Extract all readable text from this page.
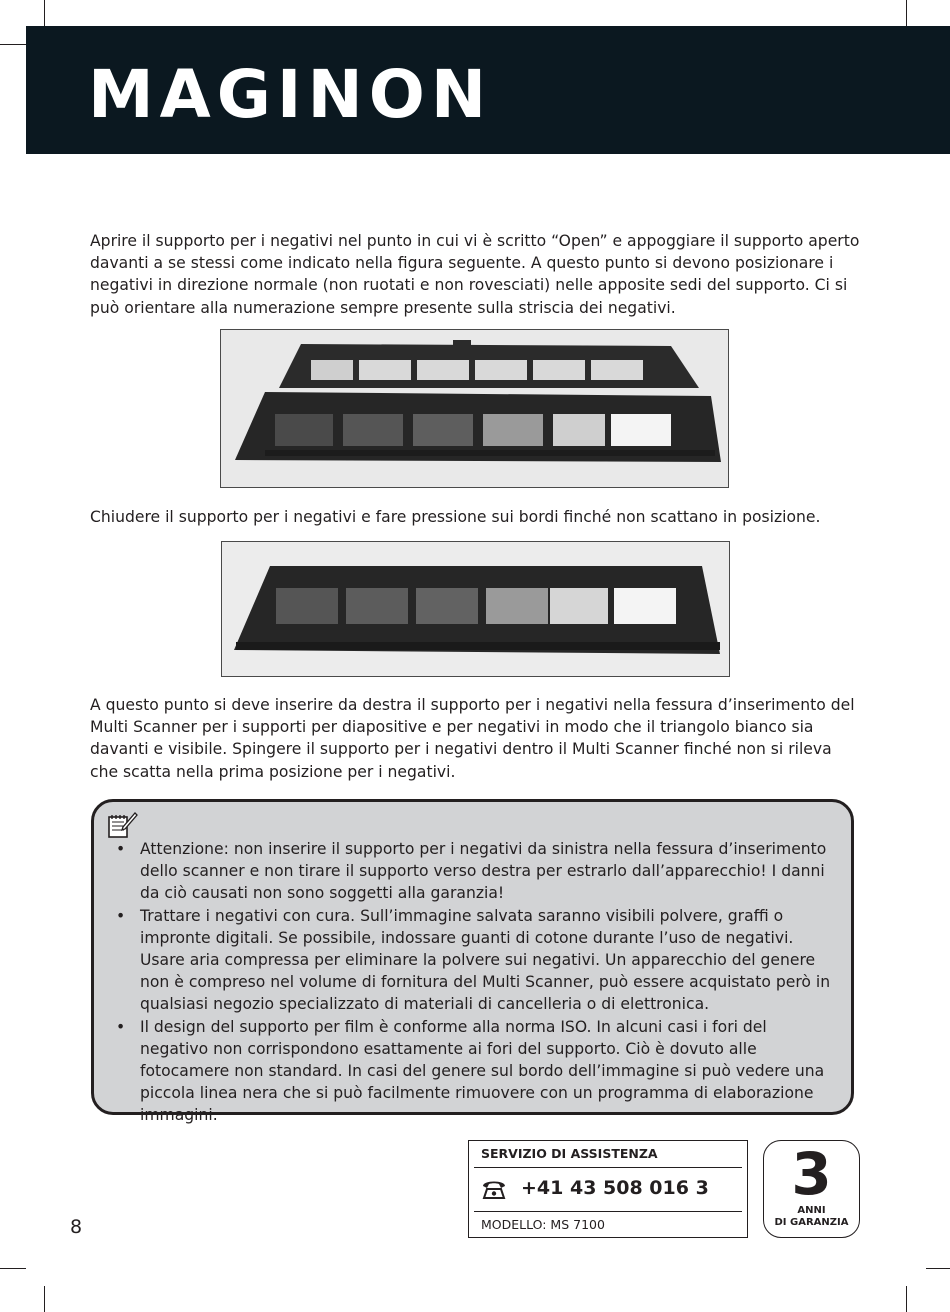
MAGINON

Aprire il supporto per i negativi nel punto in cui vi è scritto “Open” e appoggiare il supporto aperto davanti a se stessi come indicato nella figura seguente. A questo punto si devono posizionare i negativi in direzione normale (non ruotati e non rovesciati) nelle apposite sedi del supporto. Ci si può orientare alla numerazione sempre presente sulla striscia dei negativi.

Chiudere il supporto per i negativi e fare pressione sui bordi finché non scattano in posizione.

A questo punto si deve inserire da destra il supporto per i negativi nella fessura d’inserimento del Multi Scanner per i supporti per diapositive e per negativi in modo che il triangolo bianco sia davanti e visibile. Spingere il supporto per i negativi dentro il Multi Scanner finché non si rileva che scatta nella prima posizione per i negativi.

• Attenzione: non inserire il supporto per i negativi da sinistra nella fessura d’inserimento dello scanner e non tirare il supporto verso destra per estrarlo dall’apparecchio! I danni da ciò causati non sono soggetti alla garanzia!
• Trattare i negativi con cura. Sull’immagine salvata saranno visibili polvere, graffi o impronte digitali. Se possibile, indossare guanti di cotone durante l’uso de negativi. Usare aria compressa per eliminare la polvere sui negativi. Un apparecchio del genere non è compreso nel volume di fornitura del Multi Scanner, può essere acquistato però in qualsiasi negozio specializzato di materiali di cancelleria o di elettronica.
• Il design del supporto per film è conforme alla norma ISO. In alcuni casi i fori del negativo non corrispondono esattamente ai fori del supporto. Ciò è dovuto alle fotocamere non standard. In casi del genere sul bordo dell’immagine si può vedere una piccola linea nera che si può facilmente rimuovere con un programma di elaborazione immagini.
SERVIZIO DI ASSISTENZA
+41 43 508 016 3
MODELLO: MS 7100
3
ANNI
DI GARANZIA
8
